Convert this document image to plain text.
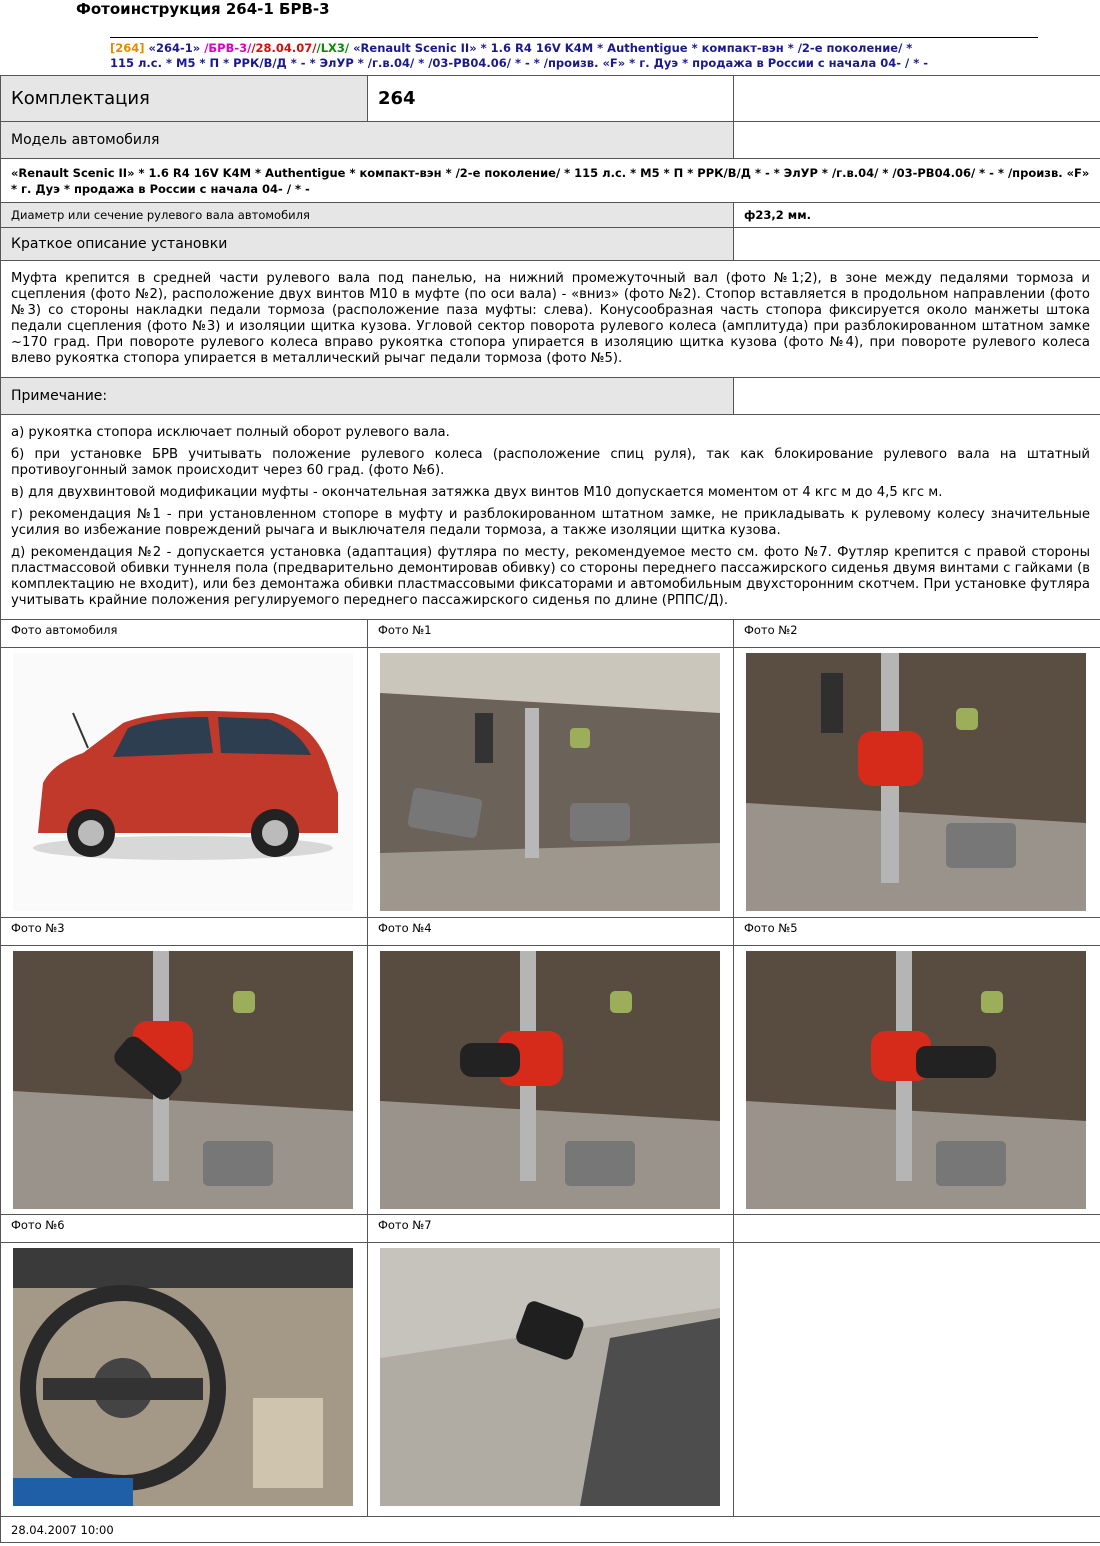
Фотоинструкция 264-1 БРВ-3
[264] «264-1» /БРВ-3//28.04.07//LX3/ «Renault Scenic II» * 1.6 R4 16V K4M * Authentigue * компакт-вэн * /2-е поколение/ *
115 л.с. * M5 * П * РРК/В/Д * - * ЭлУР * /г.в.04/ * /03-РВ04.06/ * - * /произв. «F» * г. Дуэ * продажа в России с начала 04- / * -
Комплектация	264	
Модель автомобиля		
«Renault Scenic II» * 1.6 R4 16V K4M * Authentigue * компакт-вэн * /2-е поколение/ * 115 л.с. * M5 * П * РРК/В/Д * - * ЭлУР * /г.в.04/ * /03-РВ04.06/ * - * /произв. «F» * г. Дуэ * продажа в России с начала 04- / * -		
Диаметр или сечение рулевого вала автомобиля		ф23,2 мм.
Краткое описание установки		
Муфта крепится в средней части рулевого вала под панелью, на нижний промежуточный вал (фото №1;2), в зоне между педалями тормоза и сцепления (фото №2), расположение двух винтов М10 в муфте (по оси вала) - «вниз» (фото №2). Стопор вставляется в продольном направлении (фото №3) со стороны накладки педали тормоза (расположение паза муфты: слева). Конусообразная часть стопора фиксируется около манжеты штока педали сцепления (фото №3) и изоляции щитка кузова. Угловой сектор поворота рулевого колеса (амплитуда) при разблокированном штатном замке ~170 град. При повороте рулевого колеса вправо рукоятка стопора упирается в изоляцию щитка кузова (фото №4), при повороте рулевого колеса влево рукоятка стопора упирается в металлический рычаг педали тормоза (фото №5).		
Примечание:		

а) рукоятка стопора исключает полный оборот рулевого вала.

б) при установке БРВ учитывать положение рулевого колеса (расположение спиц руля), так как блокирование рулевого вала на штатный противоугонный замок происходит через 60 град. (фото №6).

в) для двухвинтовой модификации муфты - окончательная затяжка двух винтов М10 допускается моментом от 4 кгс м до 4,5 кгс м.

г) рекомендация №1 - при установленном стопоре в муфту и разблокированном штатном замке, не прикладывать к рулевому колесу значительные усилия во избежание повреждений рычага и выключателя педали тормоза, а также изоляции щитка кузова.

д) рекомендация №2 - допускается установка (адаптация) футляра по месту, рекомендуемое место см. фото №7. Футляр крепится с правой стороны пластмассовой обивки туннеля пола (предварительно демонтировав обивку) со стороны переднего пассажирского сиденья двумя винтами с гайками (в комплектацию не входит), или без демонтажа обивки пластмассовыми фиксаторами и автомобильным двухсторонним скотчем. При установке футляра учитывать крайние положения регулируемого переднего пассажирского сиденья по длине (РППС/Д).		

Фото автомобиля	Фото №1	Фото №2

Фото №3	Фото №4	Фото №5

Фото №6	Фото №7	

28.04.2007 10:00		
